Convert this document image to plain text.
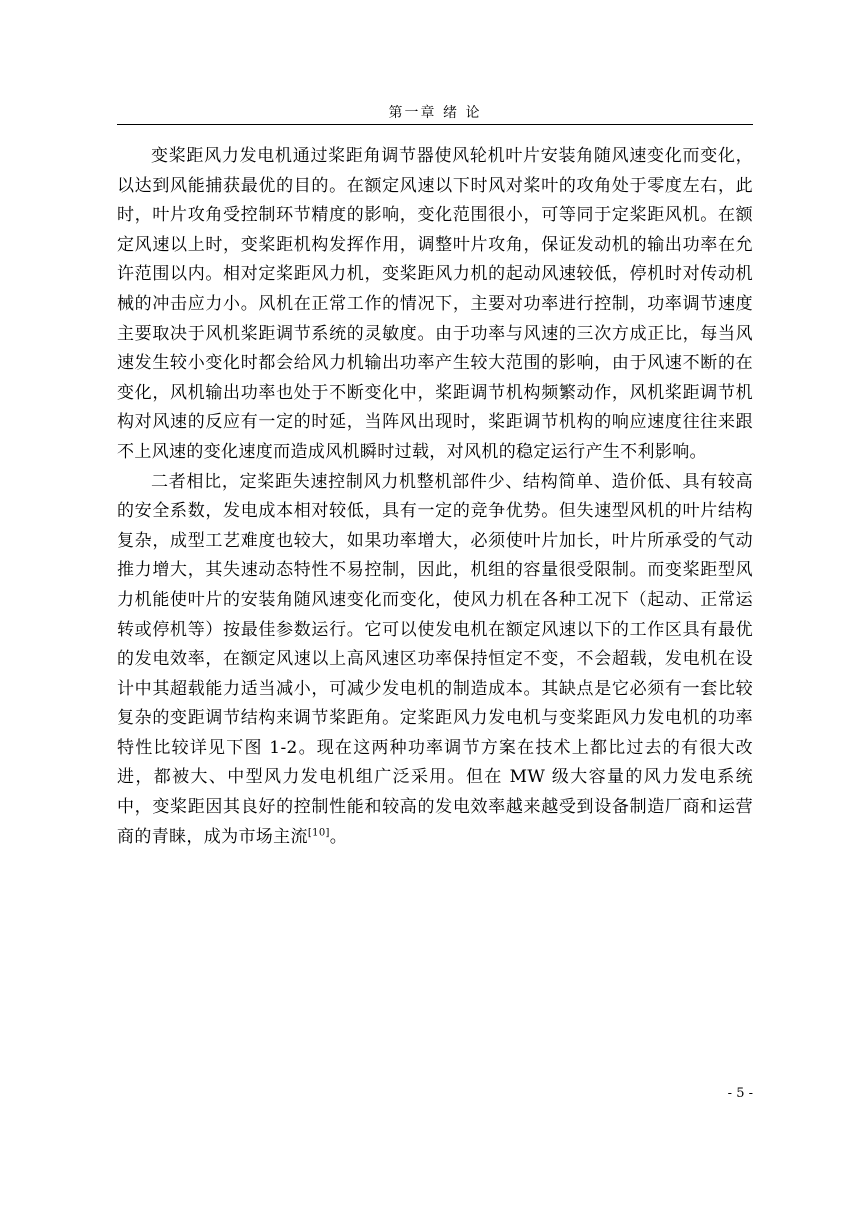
第一章 绪 论

变桨距风力发电机通过桨距角调节器使风轮机叶片安装角随风速变化而变化，以达到风能捕获最优的目的。在额定风速以下时风对桨叶的攻角处于零度左右，此时，叶片攻角受控制环节精度的影响，变化范围很小，可等同于定桨距风机。在额定风速以上时，变桨距机构发挥作用，调整叶片攻角，保证发动机的输出功率在允许范围以内。相对定桨距风力机，变桨距风力机的起动风速较低，停机时对传动机械的冲击应力小。风机在正常工作的情况下，主要对功率进行控制，功率调节速度主要取决于风机桨距调节系统的灵敏度。由于功率与风速的三次方成正比，每当风速发生较小变化时都会给风力机输出功率产生较大范围的影响，由于风速不断的在变化，风机输出功率也处于不断变化中，桨距调节机构频繁动作，风机桨距调节机构对风速的反应有一定的时延，当阵风出现时，桨距调节机构的响应速度往往来跟不上风速的变化速度而造成风机瞬时过载，对风机的稳定运行产生不利影响。

二者相比，定桨距失速控制风力机整机部件少、结构简单、造价低、具有较高的安全系数，发电成本相对较低，具有一定的竞争优势。但失速型风机的叶片结构复杂，成型工艺难度也较大，如果功率增大，必须使叶片加长，叶片所承受的气动推力增大，其失速动态特性不易控制，因此，机组的容量很受限制。而变桨距型风力机能使叶片的安装角随风速变化而变化，使风力机在各种工况下（起动、正常运转或停机等）按最佳参数运行。它可以使发电机在额定风速以下的工作区具有最优的发电效率，在额定风速以上高风速区功率保持恒定不变，不会超载，发电机在设计中其超载能力适当减小，可减少发电机的制造成本。其缺点是它必须有一套比较复杂的变距调节结构来调节桨距角。定桨距风力发电机与变桨距风力发电机的功率特性比较详见下图 1-2。现在这两种功率调节方案在技术上都比过去的有很大改进，都被大、中型风力发电机组广泛采用。但在 MW 级大容量的风力发电系统中，变桨距因其良好的控制性能和较高的发电效率越来越受到设备制造厂商和运营商的青睐，成为市场主流[10]。

- 5 -
